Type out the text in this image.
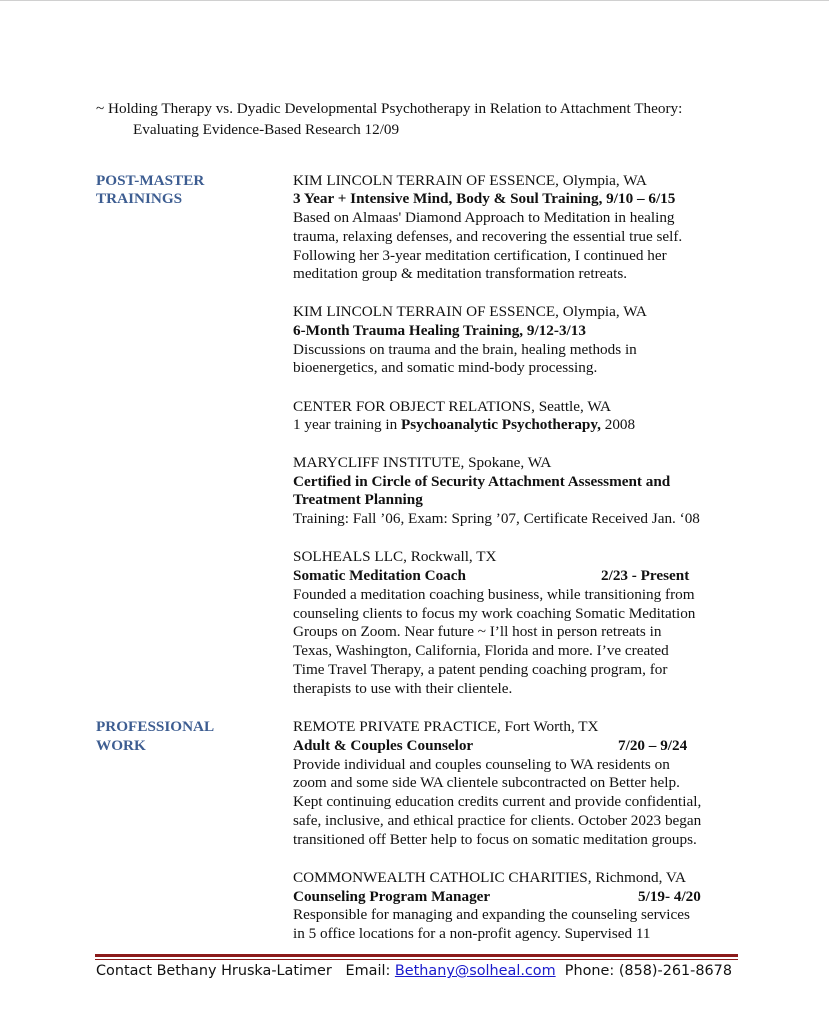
~ Holding Therapy vs. Dyadic Developmental Psychotherapy in Relation to Attachment Theory:
Evaluating Evidence-Based Research 12/09
POST-MASTER
TRAININGS
KIM LINCOLN TERRAIN OF ESSENCE, Olympia, WA
3 Year + Intensive Mind, Body & Soul Training, 9/10 – 6/15
Based on Almaas' Diamond Approach to Meditation in healing
trauma, relaxing defenses, and recovering the essential true self.
Following her 3-year meditation certification, I continued her
meditation group & meditation transformation retreats.
KIM LINCOLN TERRAIN OF ESSENCE, Olympia, WA
6-Month Trauma Healing Training, 9/12-3/13
Discussions on trauma and the brain, healing methods in
bioenergetics, and somatic mind-body processing.
CENTER FOR OBJECT RELATIONS, Seattle, WA
1 year training in Psychoanalytic Psychotherapy, 2008
MARYCLIFF INSTITUTE, Spokane, WA
Certified in Circle of Security Attachment Assessment and
Treatment Planning
Training: Fall ’06, Exam: Spring ’07, Certificate Received Jan. ‘08
SOLHEALS LLC, Rockwall, TX
Somatic Meditation Coach	2/23 - Present
Founded a meditation coaching business, while transitioning from
counseling clients to focus my work coaching Somatic Meditation
Groups on Zoom. Near future ~ I’ll host in person retreats in
Texas, Washington, California, Florida and more. I’ve created
Time Travel Therapy, a patent pending coaching program, for
therapists to use with their clientele.
PROFESSIONAL
WORK
REMOTE PRIVATE PRACTICE, Fort Worth, TX
Adult & Couples Counselor	7/20 – 9/24
Provide individual and couples counseling to WA residents on
zoom and some side WA clientele subcontracted on Better help.
Kept continuing education credits current and provide confidential,
safe, inclusive, and ethical practice for clients. October 2023 began
transitioned off Better help to focus on somatic meditation groups.
COMMONWEALTH CATHOLIC CHARITIES, Richmond, VA
Counseling Program Manager	5/19- 4/20
Responsible for managing and expanding the counseling services
in 5 office locations for a non-profit agency. Supervised 11
Contact Bethany Hruska-Latimer Email: Bethany@solheal.com Phone: (858)-261-8678
